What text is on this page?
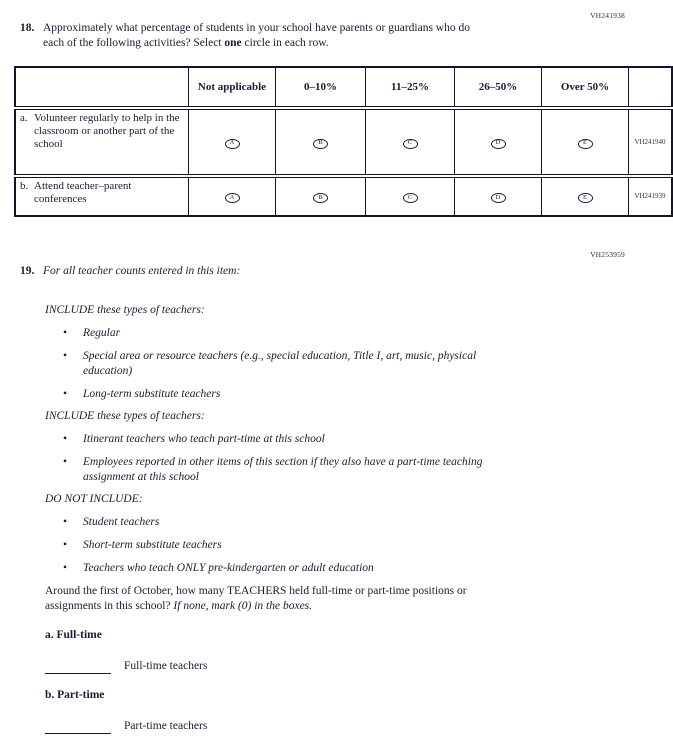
VH241938
18. Approximately what percentage of students in your school have parents or guardians who do each of the following activities? Select one circle in each row.

	Not applicable	0–10%	11–25%	26–50%	Over 50%	

a. Volunteer regularly to help in the classroom or another part of the school	A	B	C	D	E	VH241940

b. Attend teacher–parent conferences	A	B	C	D	E	VH241939
VH253959
19. For all teacher counts entered in this item:

INCLUDE these types of teachers:

•	Regular
•	Special area or resource teachers (e.g., special education, Title I, art, music, physical education)
•	Long-term substitute teachers

INCLUDE these types of teachers:

•	Itinerant teachers who teach part-time at this school
•	Employees reported in other items of this section if they also have a part-time teaching assignment at this school

DO NOT INCLUDE:

•	Student teachers
•	Short-term substitute teachers
•	Teachers who teach ONLY pre-kindergarten or adult education

Around the first of October, how many TEACHERS held full-time or part-time positions or assignments in this school? If none, mark (0) in the boxes.

a. Full-time

Full-time teachers

b. Part-time

Part-time teachers
